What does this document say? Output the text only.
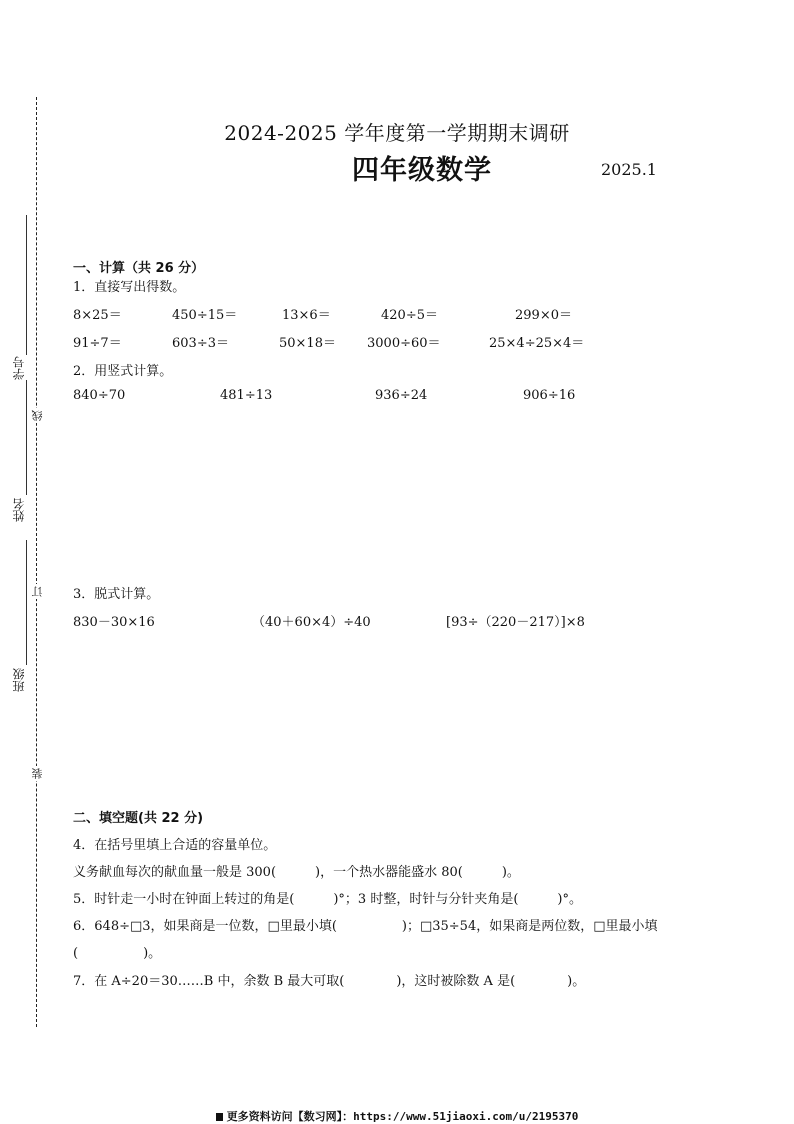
学号
姓名
班级
线
订
装
2024-2025 学年度第一学期期末调研
四年级数学	2025.1
一、计算（共 26 分）
1．直接写出得数。
8×25＝	450÷15＝	13×6＝	420÷5＝	299×0＝
91÷7＝	603÷3＝	50×18＝ 3000÷60＝	25×4÷25×4＝
2．用竖式计算。
840÷70	481÷13	936÷24	906÷16
3．脱式计算。
830－30×16	（40＋60×4）÷40	[93÷（220－217）]×8
二、填空题(共 22 分)
4．在括号里填上合适的容量单位。
义务献血每次的献血量一般是 300(　　　)，一个热水器能盛水 80(　　　)。
5．时针走一小时在钟面上转过的角是(　　　)°；3 时整，时针与分针夹角是(　　　)°。
6．648÷□3，如果商是一位数，□里最小填(　　　　　)；□35÷54，如果商是两位数，□里最小填
(　　　　　)。
7．在 A÷20＝30……B 中，余数 B 最大可取(　　　　)，这时被除数 A 是(　　　　)。
更多资料访问【数习网】：https://www.51jiaoxi.com/u/2195370
